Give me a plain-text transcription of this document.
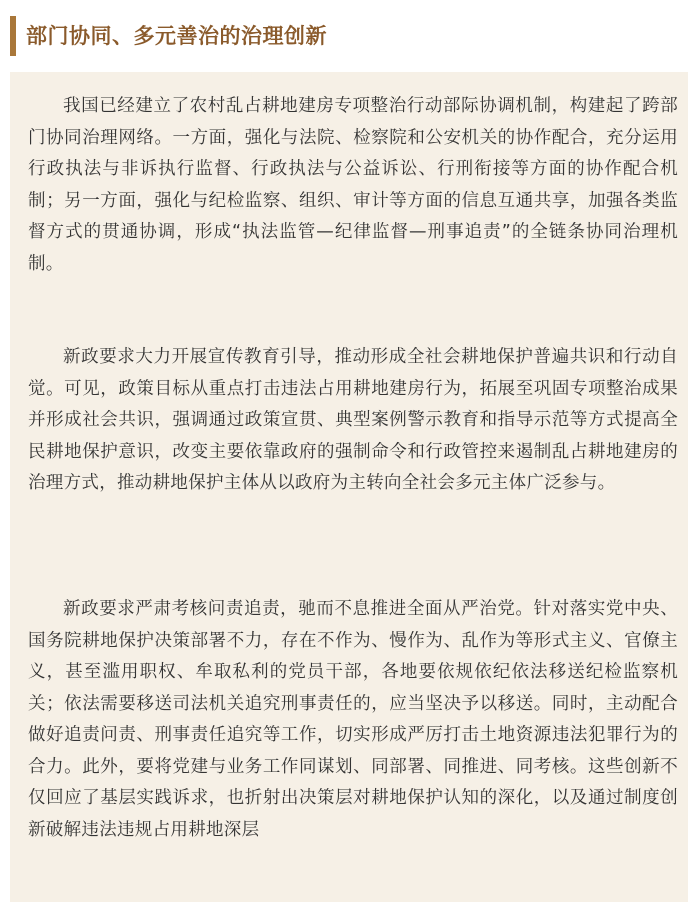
部门协同、多元善治的治理创新

我国已经建立了农村乱占耕地建房专项整治行动部际协调机制，构建起了跨部门协同治理网络。一方面，强化与法院、检察院和公安机关的协作配合，充分运用行政执法与非诉执行监督、行政执法与公益诉讼、行刑衔接等方面的协作配合机制；另一方面，强化与纪检监察、组织、审计等方面的信息互通共享，加强各类监督方式的贯通协调，形成“执法监管—纪律监督—刑事追责”的全链条协同治理机制。

新政要求大力开展宣传教育引导，推动形成全社会耕地保护普遍共识和行动自觉。可见，政策目标从重点打击违法占用耕地建房行为，拓展至巩固专项整治成果并形成社会共识，强调通过政策宣贯、典型案例警示教育和指导示范等方式提高全民耕地保护意识，改变主要依靠政府的强制命令和行政管控来遏制乱占耕地建房的治理方式，推动耕地保护主体从以政府为主转向全社会多元主体广泛参与。

新政要求严肃考核问责追责，驰而不息推进全面从严治党。针对落实党中央、国务院耕地保护决策部署不力，存在不作为、慢作为、乱作为等形式主义、官僚主义，甚至滥用职权、牟取私利的党员干部，各地要依规依纪依法移送纪检监察机关；依法需要移送司法机关追究刑事责任的，应当坚决予以移送。同时，主动配合做好追责问责、刑事责任追究等工作，切实形成严厉打击土地资源违法犯罪行为的合力。此外，要将党建与业务工作同谋划、同部署、同推进、同考核。这些创新不仅回应了基层实践诉求，也折射出决策层对耕地保护认知的深化，以及通过制度创新破解违法违规占用耕地深层
